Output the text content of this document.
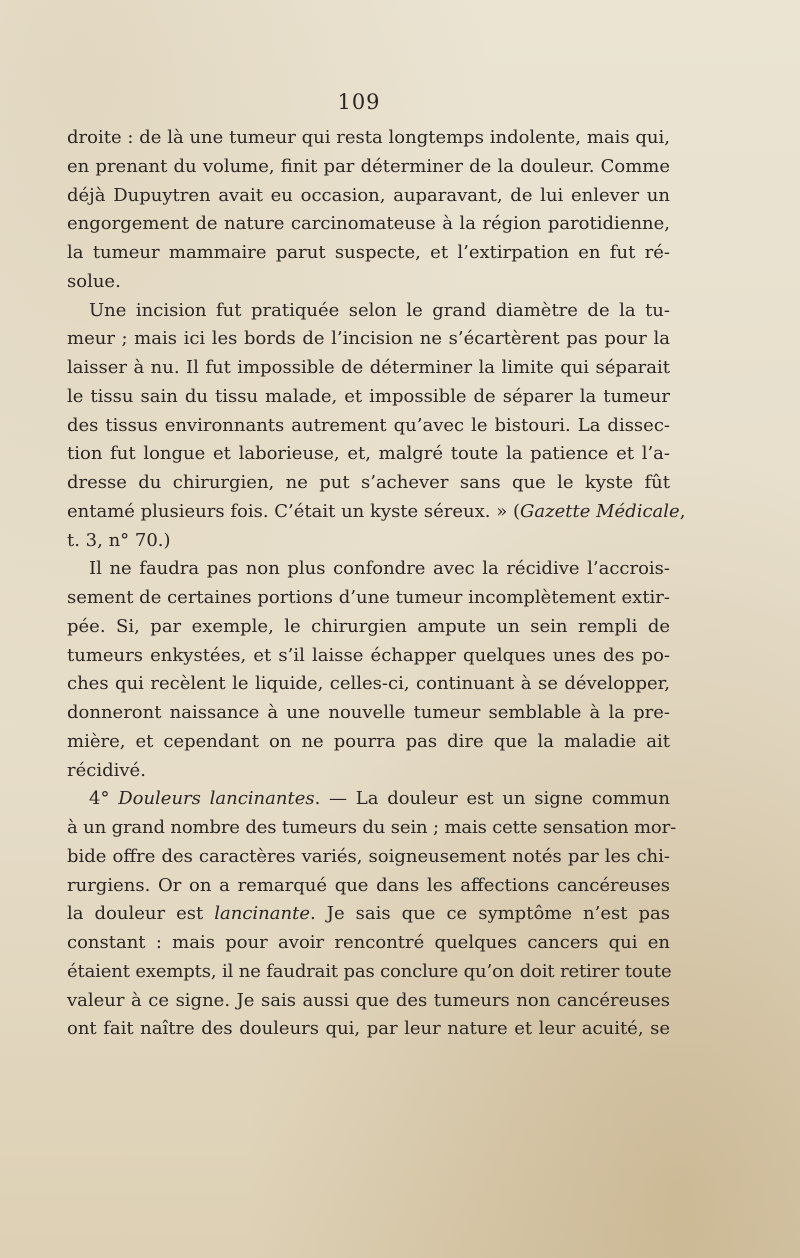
109
droite : de là une tumeur qui resta longtemps indolente, mais qui,
en prenant du volume, finit par déterminer de la douleur. Comme
déjà Dupuytren avait eu occasion, auparavant, de lui enlever un
engorgement de nature carcinomateuse à la région parotidienne,
la tumeur mammaire parut suspecte, et l’extirpation en fut ré-
solue.
Une incision fut pratiquée selon le grand diamètre de la tu-
meur ; mais ici les bords de l’incision ne s’écartèrent pas pour la
laisser à nu. Il fut impossible de déterminer la limite qui séparait
le tissu sain du tissu malade, et impossible de séparer la tumeur
des tissus environnants autrement qu’avec le bistouri. La dissec-
tion fut longue et laborieuse, et, malgré toute la patience et l’a-
dresse du chirurgien, ne put s’achever sans que le kyste fût
entamé plusieurs fois. C’était un kyste séreux. » (Gazette Médicale,
t. 3, n° 70.)
Il ne faudra pas non plus confondre avec la récidive l’accrois-
sement de certaines portions d’une tumeur incomplètement extir-
pée. Si, par exemple, le chirurgien ampute un sein rempli de
tumeurs enkystées, et s’il laisse échapper quelques unes des po-
ches qui recèlent le liquide, celles-ci, continuant à se développer,
donneront naissance à une nouvelle tumeur semblable à la pre-
mière, et cependant on ne pourra pas dire que la maladie ait
récidivé.
4° Douleurs lancinantes. — La douleur est un signe commun
à un grand nombre des tumeurs du sein ; mais cette sensation mor-
bide offre des caractères variés, soigneusement notés par les chi-
rurgiens. Or on a remarqué que dans les affections cancéreuses
la douleur est lancinante. Je sais que ce symptôme n’est pas
constant : mais pour avoir rencontré quelques cancers qui en
étaient exempts, il ne faudrait pas conclure qu’on doit retirer toute
valeur à ce signe. Je sais aussi que des tumeurs non cancéreuses
ont fait naître des douleurs qui, par leur nature et leur acuité, se
